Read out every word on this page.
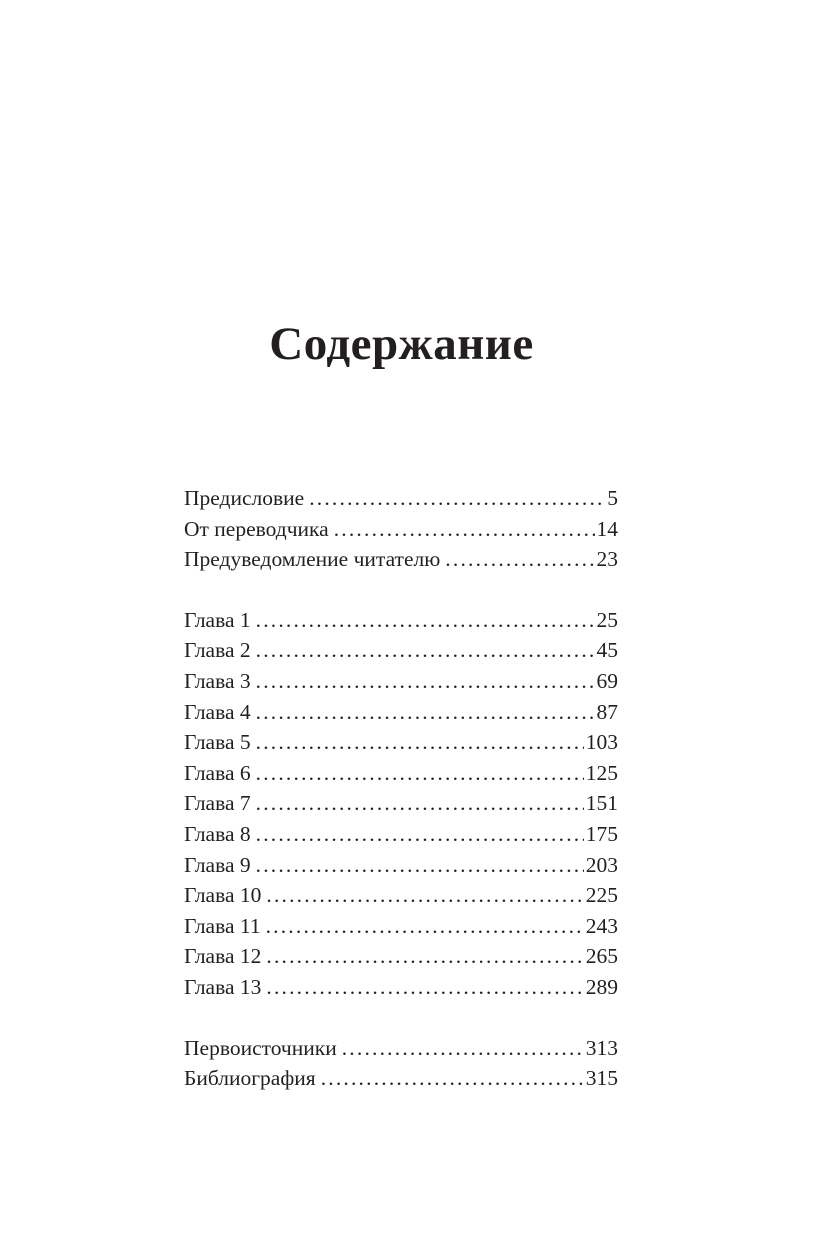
Содержание
Предисловие .....	5
От переводчика .....	14
Предуведомление читателю .....	23
Глава 1 .....	25
Глава 2 .....	45
Глава 3 .....	69
Глава 4 .....	87
Глава 5 .....	103
Глава 6 .....	125
Глава 7 .....	151
Глава 8 .....	175
Глава 9 .....	203
Глава 10 .....	225
Глава 11 .....	243
Глава 12 .....	265
Глава 13 .....	289
Первоисточники .....	313
Библиография .....	315
